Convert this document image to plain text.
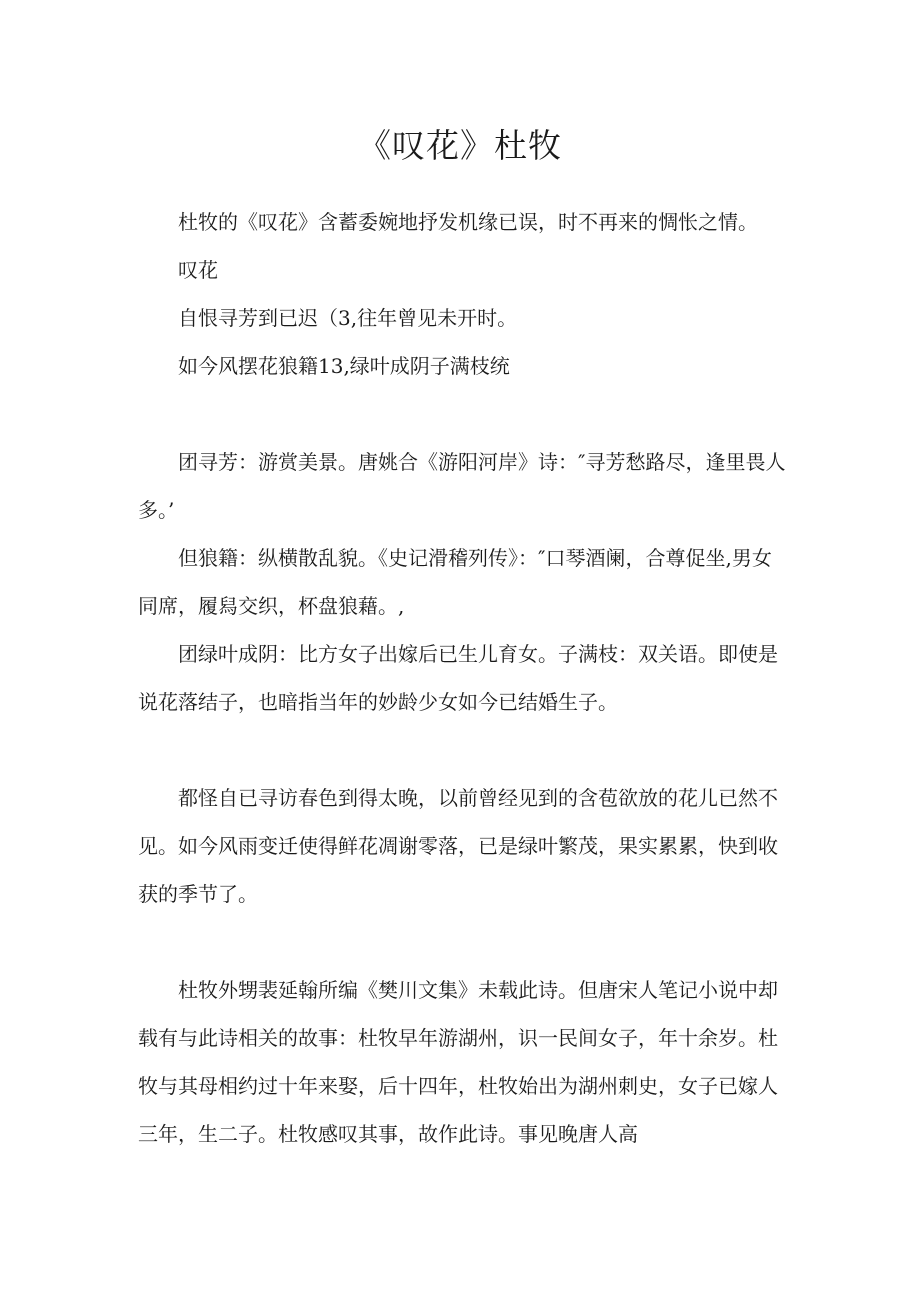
《叹花》杜牧

杜牧的《叹花》含蓄委婉地抒发机缘已误，时不再来的惆怅之情。

叹花

自恨寻芳到已迟（3,往年曾见未开时。

如今风摆花狼籍13,绿叶成阴子满枝统

团寻芳：游赏美景。唐姚合《游阳河岸》诗：″寻芳愁路尽，逢里畏人多。’

但狼籍：纵横散乱貌。《史记滑稽列传》：″口琴酒阑，合尊促坐,男女同席，履舄交织，杯盘狼藉。,

团绿叶成阴：比方女子出嫁后已生儿育女。子满枝：双关语。即使是说花落结子，也暗指当年的妙龄少女如今已结婚生子。

都怪自已寻访春色到得太晚，以前曾经见到的含苞欲放的花儿已然不见。如今风雨变迁使得鲜花凋谢零落，已是绿叶繁茂，果实累累，快到收获的季节了。

杜牧外甥裴延翰所编《樊川文集》未载此诗。但唐宋人笔记小说中却载有与此诗相关的故事：杜牧早年游湖州，识一民间女子，年十余岁。杜牧与其母相约过十年来娶，后十四年，杜牧始出为湖州刺史，女子已嫁人三年，生二子。杜牧感叹其事，故作此诗。事见晚唐人高
